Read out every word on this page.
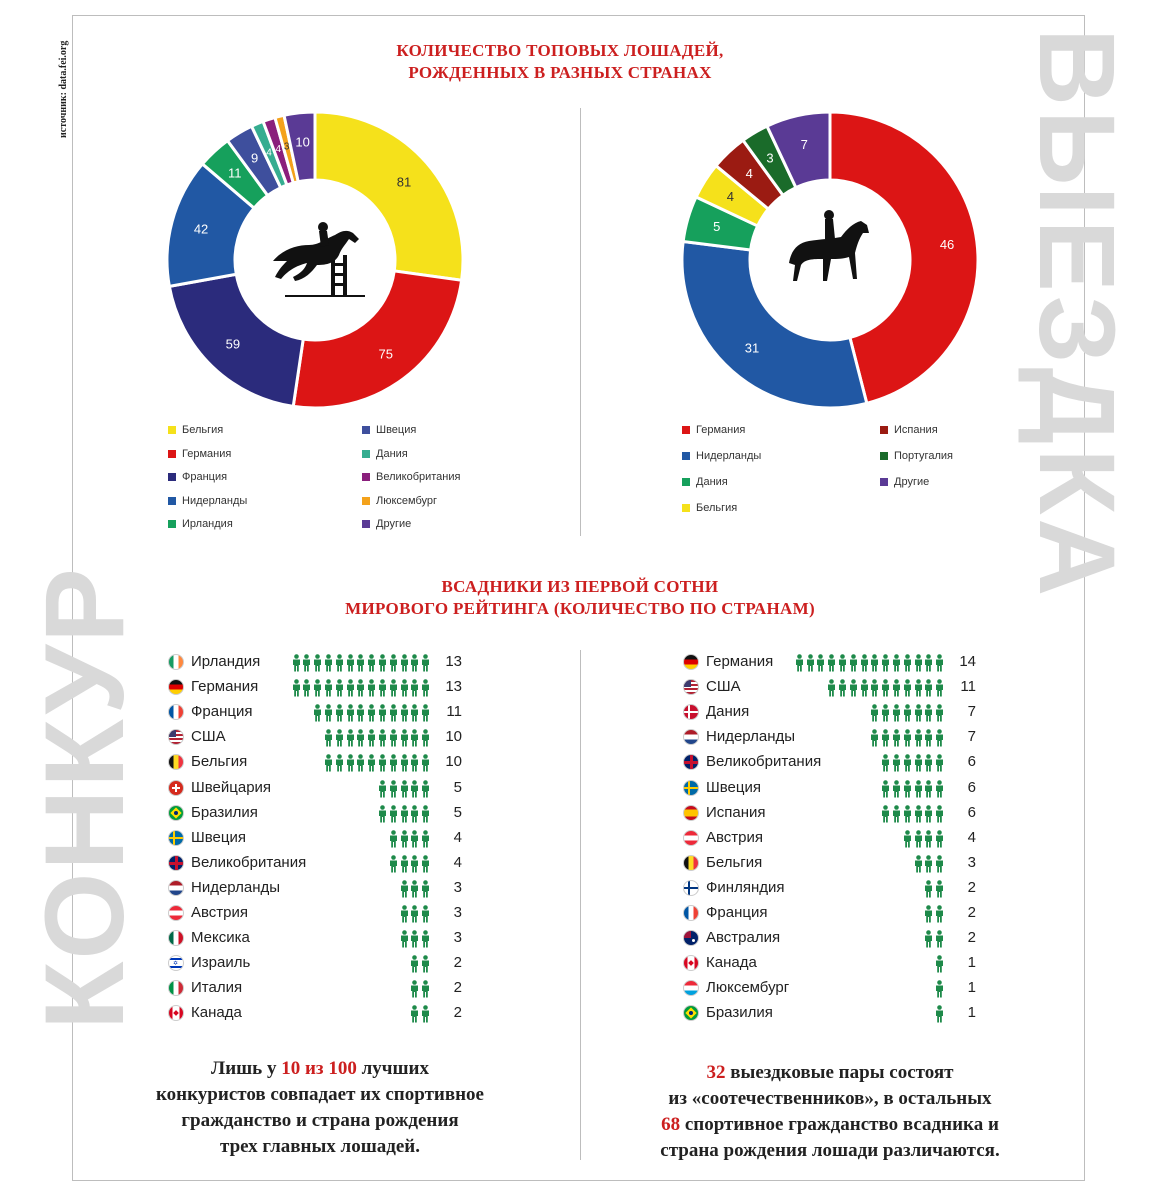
источник: data.fei.org
КОНКУР
ВЫЕЗДКА
КОЛИЧЕСТВО ТОПОВЫХ ЛОШАДЕЙ,
РОЖДЕННЫХ В РАЗНЫХ СТРАНАХ
81
75
59
42
11
9 4 4 3 10
46
31
5
4
4
3
7
Бельгия
Германия
Франция
Нидерланды
Ирландия
Швеция
Дания
Великобритания
Люксембург
Другие
Германия
Нидерланды
Дания
Бельгия
Испания
Португалия
Другие
ВСАДНИКИ ИЗ ПЕРВОЙ СОТНИ
МИРОВОГО РЕЙТИНГА (КОЛИЧЕСТВО ПО СТРАНАМ)
Ирландия	13
Германия	13
Франция	11
США	10
Бельгия	10
Швейцария	5
Бразилия	5
Швеция	4
Великобритания	4
Нидерланды	3
Австрия	3
Мексика	3
✡ Израиль	2
Италия	2
Канада	2
Германия	14
США	11
Дания	7
Нидерланды	7
Великобритания	6
Швеция	6
Испания	6
Австрия	4
Бельгия	3
Финляндия	2
Франция	2
Австралия	2
Канада	1
Люксембург	1
Бразилия	1
Лишь у 10 из 100 лучших
конкуристов совпадает их спортивное
гражданство и страна рождения
трех главных лошадей.
32 выездковые пары состоят
из «соотечественников», в остальных
68 спортивное гражданство всадника и
страна рождения лошади различаются.
